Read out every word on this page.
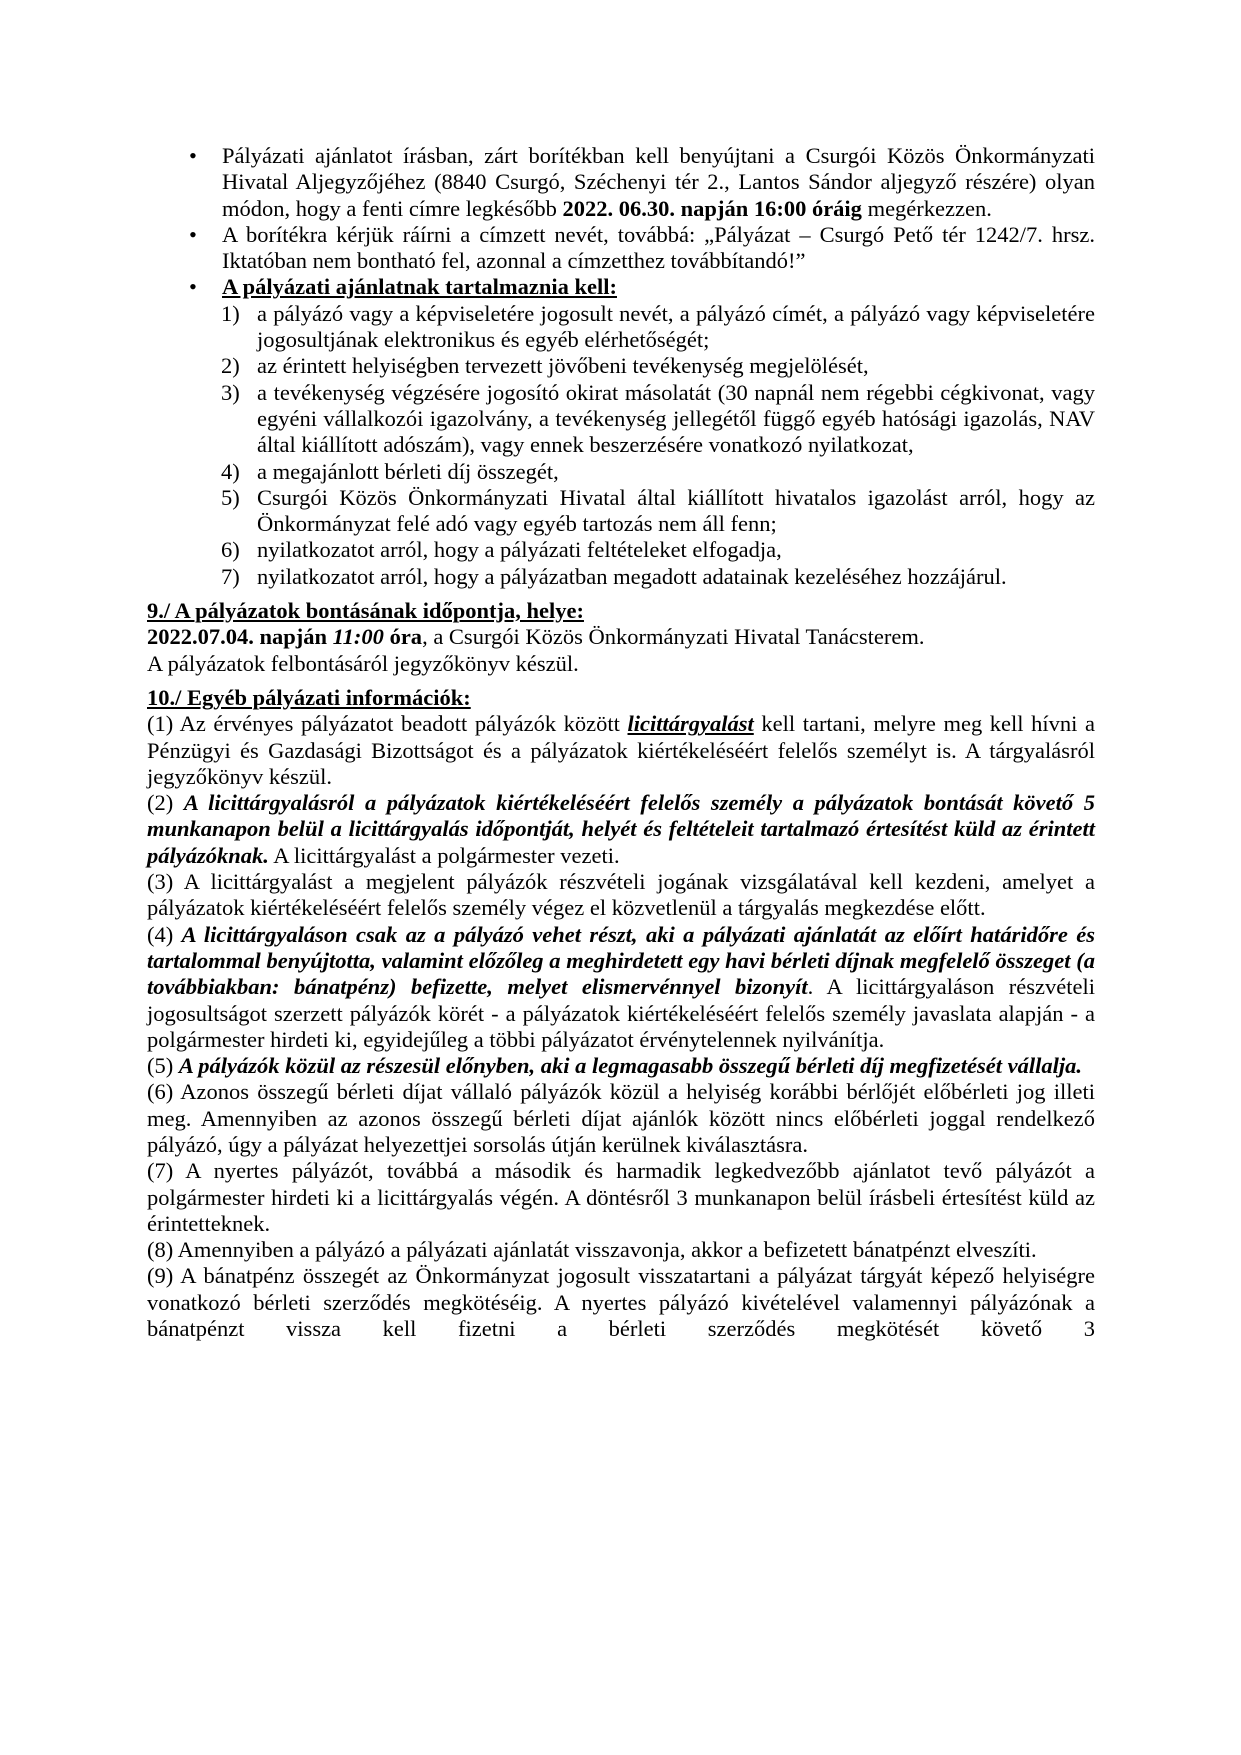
• Pályázati ajánlatot írásban, zárt borítékban kell benyújtani a Csurgói Közös Önkormányzati Hivatal Aljegyzőjéhez (8840 Csurgó, Széchenyi tér 2., Lantos Sándor aljegyző részére) olyan módon, hogy a fenti címre legkésőbb 2022. 06.30. napján 16:00 óráig megérkezzen.
• A borítékra kérjük ráírni a címzett nevét, továbbá: „Pályázat – Csurgó Pető tér 1242/7. hrsz. Iktatóban nem bontható fel, azonnal a címzetthez továbbítandó!”
• A pályázati ajánlatnak tartalmaznia kell:
1) a pályázó vagy a képviseletére jogosult nevét, a pályázó címét, a pályázó vagy képviseletére jogosultjának elektronikus és egyéb elérhetőségét;
2) az érintett helyiségben tervezett jövőbeni tevékenység megjelölését,
3) a tevékenység végzésére jogosító okirat másolatát (30 napnál nem régebbi cégkivonat, vagy egyéni vállalkozói igazolvány, a tevékenység jellegétől függő egyéb hatósági igazolás, NAV által kiállított adószám), vagy ennek beszerzésére vonatkozó nyilatkozat,
4) a megajánlott bérleti díj összegét,
5) Csurgói Közös Önkormányzati Hivatal által kiállított hivatalos igazolást arról, hogy az Önkormányzat felé adó vagy egyéb tartozás nem áll fenn;
6) nyilatkozatot arról, hogy a pályázati feltételeket elfogadja,
7) nyilatkozatot arról, hogy a pályázatban megadott adatainak kezeléséhez hozzájárul.

9./ A pályázatok bontásának időpontja, helye:

2022.07.04. napján 11:00 óra, a Csurgói Közös Önkormányzati Hivatal Tanácsterem.

A pályázatok felbontásáról jegyzőkönyv készül.

10./ Egyéb pályázati információk:

(1) Az érvényes pályázatot beadott pályázók között licittárgyalást kell tartani, melyre meg kell hívni a Pénzügyi és Gazdasági Bizottságot és a pályázatok kiértékeléséért felelős személyt is. A tárgyalásról jegyzőkönyv készül.

(2) A licittárgyalásról a pályázatok kiértékeléséért felelős személy a pályázatok bontását követő 5 munkanapon belül a licittárgyalás időpontját, helyét és feltételeit tartalmazó értesítést küld az érintett pályázóknak. A licittárgyalást a polgármester vezeti.

(3) A licittárgyalást a megjelent pályázók részvételi jogának vizsgálatával kell kezdeni, amelyet a pályázatok kiértékeléséért felelős személy végez el közvetlenül a tárgyalás megkezdése előtt.

(4) A licittárgyaláson csak az a pályázó vehet részt, aki a pályázati ajánlatát az előírt határidőre és tartalommal benyújtotta, valamint előzőleg a meghirdetett egy havi bérleti díjnak megfelelő összeget (a továbbiakban: bánatpénz) befizette, melyet elismervénnyel bizonyít. A licittárgyaláson részvételi jogosultságot szerzett pályázók körét - a pályázatok kiértékeléséért felelős személy javaslata alapján - a polgármester hirdeti ki, egyidejűleg a többi pályázatot érvénytelennek nyilvánítja.

(5) A pályázók közül az részesül előnyben, aki a legmagasabb összegű bérleti díj megfizetését vállalja.

(6) Azonos összegű bérleti díjat vállaló pályázók közül a helyiség korábbi bérlőjét előbérleti jog illeti meg. Amennyiben az azonos összegű bérleti díjat ajánlók között nincs előbérleti joggal rendelkező pályázó, úgy a pályázat helyezettjei sorsolás útján kerülnek kiválasztásra.

(7) A nyertes pályázót, továbbá a második és harmadik legkedvezőbb ajánlatot tevő pályázót a polgármester hirdeti ki a licittárgyalás végén. A döntésről 3 munkanapon belül írásbeli értesítést küld az érintetteknek.

(8) Amennyiben a pályázó a pályázati ajánlatát visszavonja, akkor a befizetett bánatpénzt elveszíti.

(9) A bánatpénz összegét az Önkormányzat jogosult visszatartani a pályázat tárgyát képező helyiségre vonatkozó bérleti szerződés megkötéséig. A nyertes pályázó kivételével valamennyi pályázónak a bánatpénzt vissza kell fizetni a bérleti szerződés megkötését követő 3
